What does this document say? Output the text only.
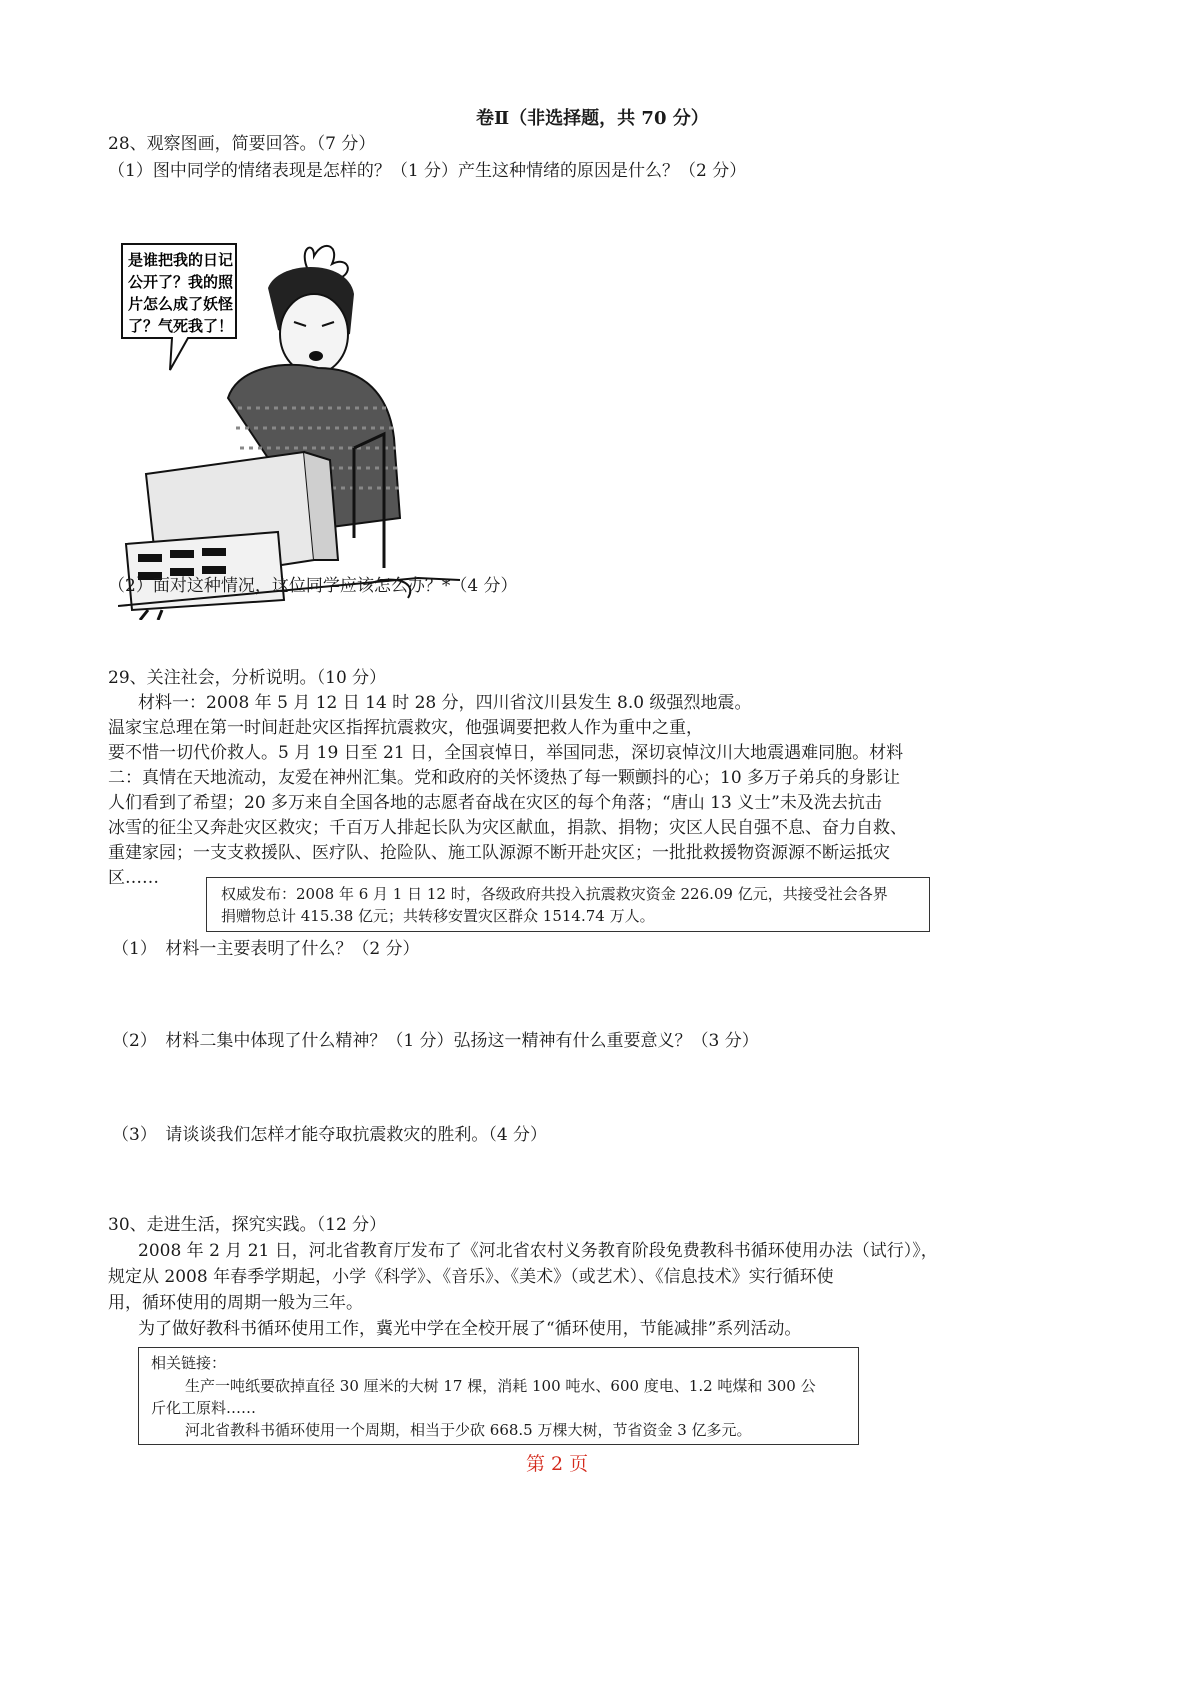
卷Ⅱ（非选择题，共 70 分）
28、观察图画，简要回答。（7 分）
（1）图中同学的情绪表现是怎样的？（1 分）产生这种情绪的原因是什么？（2 分）
是谁把我的日记
公开了？我的照
片怎么成了妖怪
了？气死我了！
（2）面对这种情况，这位同学应该怎么办？*（4 分）
29、关注社会，分析说明。（10 分）
材料一：2008 年 5 月 12 日 14 时 28 分，四川省汶川县发生 8.0 级强烈地震。
温家宝总理在第一时间赶赴灾区指挥抗震救灾，他强调要把救人作为重中之重，
要不惜一切代价救人。5 月 19 日至 21 日，全国哀悼日，举国同悲，深切哀悼汶川大地震遇难同胞。材料
二：真情在天地流动，友爱在神州汇集。党和政府的关怀烫热了每一颗颤抖的心；10 多万子弟兵的身影让
人们看到了希望；20 多万来自全国各地的志愿者奋战在灾区的每个角落；“唐山 13 义士”未及洗去抗击
冰雪的征尘又奔赴灾区救灾；千百万人排起长队为灾区献血，捐款、捐物；灾区人民自强不息、奋力自救、
重建家园；一支支救援队、医疗队、抢险队、施工队源源不断开赴灾区；一批批救援物资源源不断运抵灾
区……
权威发布：2008 年 6 月 1 日 12 时，各级政府共投入抗震救灾资金 226.09 亿元，共接受社会各界
捐赠物总计 415.38 亿元；共转移安置灾区群众 1514.74 万人。
（1）　材料一主要表明了什么？（2 分）
（2）　材料二集中体现了什么精神？（1 分）弘扬这一精神有什么重要意义？（3 分）
（3）　请谈谈我们怎样才能夺取抗震救灾的胜利。（4 分）
30、走进生活，探究实践。（12 分）
2008 年 2 月 21 日，河北省教育厅发布了《河北省农村义务教育阶段免费教科书循环使用办法（试行）》，
规定从 2008 年春季学期起，小学《科学》、《音乐》、《美术》（或艺术）、《信息技术》实行循环使
用，循环使用的周期一般为三年。
为了做好教科书循环使用工作，冀光中学在全校开展了“循环使用，节能减排”系列活动。
相关链接：
生产一吨纸要砍掉直径 30 厘米的大树 17 棵，消耗 100 吨水、600 度电、1.2 吨煤和 300 公
斤化工原料……
河北省教科书循环使用一个周期，相当于少砍 668.5 万棵大树，节省资金 3 亿多元。
第 2 页
